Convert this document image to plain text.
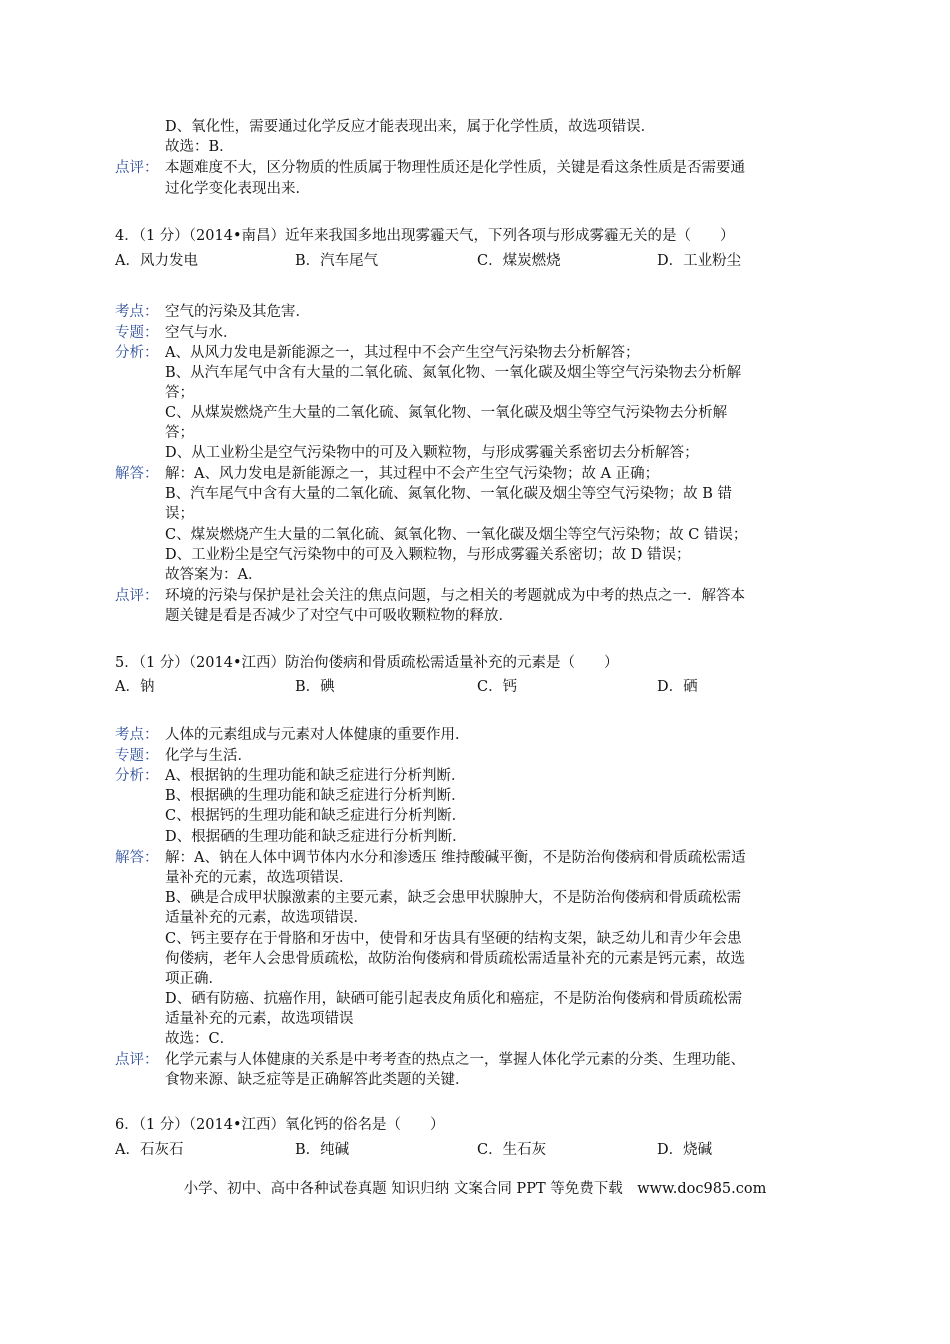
D、氧化性，需要通过化学反应才能表现出来，属于化学性质，故选项错误．
故选：B．
点评： 本题难度不大，区分物质的性质属于物理性质还是化学性质，关键是看这条性质是否需要通
过化学变化表现出来．
4．（1 分）（2014•南昌）近年来我国多地出现雾霾天气，下列各项与形成雾霾无关的是（　　）
A．风力发电	B．汽车尾气	C．煤炭燃烧	D．工业粉尘
考点： 空气的污染及其危害．
专题： 空气与水．
分析： A、从风力发电是新能源之一，其过程中不会产生空气污染物去分析解答；
B、从汽车尾气中含有大量的二氧化硫、氮氧化物、一氧化碳及烟尘等空气污染物去分析解
答；
C、从煤炭燃烧产生大量的二氧化硫、氮氧化物、一氧化碳及烟尘等空气污染物去分析解
答；
D、从工业粉尘是空气污染物中的可及入颗粒物，与形成雾霾关系密切去分析解答；
解答： 解：A、风力发电是新能源之一，其过程中不会产生空气污染物；故 A 正确；
B、汽车尾气中含有大量的二氧化硫、氮氧化物、一氧化碳及烟尘等空气污染物；故 B 错
误；
C、煤炭燃烧产生大量的二氧化硫、氮氧化物、一氧化碳及烟尘等空气污染物；故 C 错误；
D、工业粉尘是空气污染物中的可及入颗粒物，与形成雾霾关系密切；故 D 错误；
故答案为：A．
点评： 环境的污染与保护是社会关注的焦点问题，与之相关的考题就成为中考的热点之一．解答本
题关键是看是否减少了对空气中可吸收颗粒物的释放．
5．（1 分）（2014•江西）防治佝偻病和骨质疏松需适量补充的元素是（　　）
A．钠	B．碘	C．钙	D．硒
考点： 人体的元素组成与元素对人体健康的重要作用．
专题： 化学与生活．
分析： A、根据钠的生理功能和缺乏症进行分析判断．
B、根据碘的生理功能和缺乏症进行分析判断．
C、根据钙的生理功能和缺乏症进行分析判断．
D、根据硒的生理功能和缺乏症进行分析判断．
解答： 解：A、钠在人体中调节体内水分和渗透压 维持酸碱平衡，不是防治佝偻病和骨质疏松需适
量补充的元素，故选项错误．
B、碘是合成甲状腺激素的主要元素，缺乏会患甲状腺肿大，不是防治佝偻病和骨质疏松需
适量补充的元素，故选项错误．
C、钙主要存在于骨胳和牙齿中，使骨和牙齿具有坚硬的结构支架，缺乏幼儿和青少年会患
佝偻病，老年人会患骨质疏松，故防治佝偻病和骨质疏松需适量补充的元素是钙元素，故选
项正确．
D、硒有防癌、抗癌作用，缺硒可能引起表皮角质化和癌症，不是防治佝偻病和骨质疏松需
适量补充的元素，故选项错误
故选：C．
点评： 化学元素与人体健康的关系是中考考查的热点之一，掌握人体化学元素的分类、生理功能、
食物来源、缺乏症等是正确解答此类题的关键．
6．（1 分）（2014•江西）氧化钙的俗名是（　　）
A．石灰石	B．纯碱	C．生石灰	D．烧碱
小学、初中、高中各种试卷真题 知识归纳 文案合同 PPT 等免费下载　www.doc985.com
